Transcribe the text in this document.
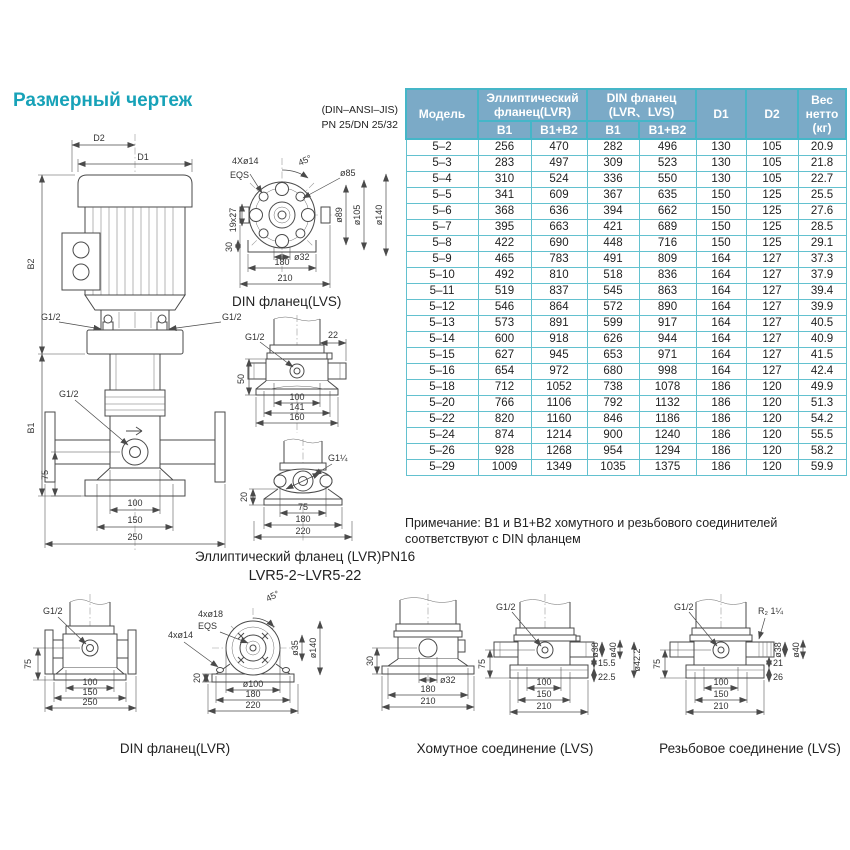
Размерный чертеж
Модель	
Эллиптический
фланец(LVR)

DIN фланец
(LVR、LVS)	D1	D2	
Вес
нетто
(кг)

	B1	B1+B2	B1	B1+B2			
5–2	256	470	282	496	130	105	20.9
5–3	283	497	309	523	130	105	21.8
5–4	310	524	336	550	130	105	22.7
5–5	341	609	367	635	150	125	25.5
5–6	368	636	394	662	150	125	27.6
5–7	395	663	421	689	150	125	28.5
5–8	422	690	448	716	150	125	29.1
5–9	465	783	491	809	164	127	37.3
5–10	492	810	518	836	164	127	37.9
5–11	519	837	545	863	164	127	39.4
5–12	546	864	572	890	164	127	39.9
5–13	573	891	599	917	164	127	40.5
5–14	600	918	626	944	164	127	40.9
5–15	627	945	653	971	164	127	41.5
5–16	654	972	680	998	164	127	42.4
5–18	712	1052	738	1078	186	120	49.9
5–20	766	1106	792	1132	186	120	51.3
5–22	820	1160	846	1186	186	120	54.2
5–24	874	1214	900	1240	186	120	55.5
5–26	928	1268	954	1294	186	120	58.2
5–29	1009	1349	1035	1375	186	120	59.9
Примечание: B1 и B1+B2 хомутного и резьбового соединителей
соответствуют с DIN фланцем
D2
D1
B2
B1
G1/2	G1/2
G1/2
75
100
150
250
(DIN–ANSI–JIS)
PN 25/DN 25/32
45°
4Xø14
EQS	ø85
19x27
30
ø89 ø105 ø140
ø32
180
210
DIN фланец(LVS)
G1/2	22
50
100
141
160
G1¼
20
75
180
220
Эллиптический фланец (LVR)PN16
LVR5-2~LVR5-22
G1/2
75
100
150
250
45°
4xø18
EQS
4xø14
ø140
ø35
20
ø100
180
220
30
ø32
180
210
G1/2
75
ø38 ø40 ø42.2
15.5
22.5
100
150
210
G1/2	R₂ 1¼
75
ø38 ø40
21
26
100
150
210
DIN фланец(LVR)	Хомутное соединение (LVS)	Резьбовое соединение (LVS)
